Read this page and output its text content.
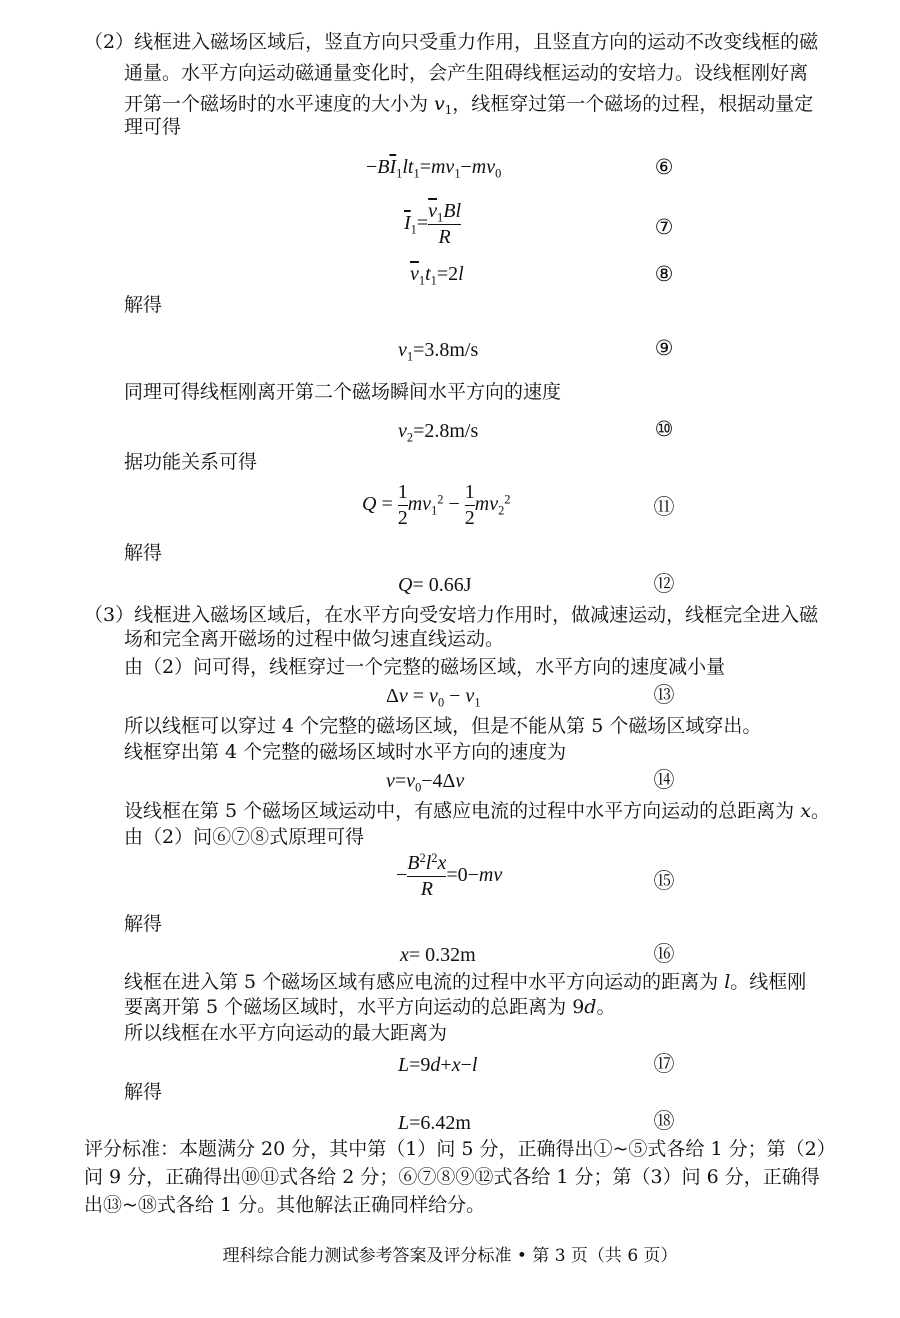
（2）线框进入磁场区域后，竖直方向只受重力作用，且竖直方向的运动不改变线框的磁
通量。水平方向运动磁通量变化时，会产生阻碍线框运动的安培力。设线框刚好离
开第一个磁场时的水平速度的大小为 $v_1$，线框穿过第一个磁场的过程，根据动量定
理可得
$-B\overline{I}_1lt_1=mv_1-mv_0$	⑥
$\overline{I}_1= \frac{\overline{v}_1Bl}{R}$	⑦
$\overline{v}_1t_1=2l$	⑧
解得
$v_1=3.8m/s$	⑨
同理可得线框刚离开第二个磁场瞬间水平方向的速度
$v_2=2.8m/s$	⑩
据功能关系可得
$Q = \frac{1}{2} mv_1^2 - \frac{1}{2} mv_2^2$	⑪
解得
Q= 0.66J	⑫
（3）线框进入磁场区域后，在水平方向受安培力作用时，做减速运动，线框完全进入磁
场和完全离开磁场的过程中做匀速直线运动。
由（2）问可得，线框穿过一个完整的磁场区域，水平方向的速度减小量
$\Delta v = v_0 - v_1$	⑬
所以线框可以穿过 4 个完整的磁场区域，但是不能从第 5 个磁场区域穿出。
线框穿出第 4 个完整的磁场区域时水平方向的速度为
$v=v_0-4\Delta v$	⑭
设线框在第 5 个磁场区域运动中，有感应电流的过程中水平方向运动的总距离为 x。
由（2）问⑥⑦⑧式原理可得
− $\frac{B^2l^2x}{R} =0-mv$	⑮
解得
x= 0.32m	⑯
线框在进入第 5 个磁场区域有感应电流的过程中水平方向运动的距离为 l。线框刚
要离开第 5 个磁场区域时，水平方向运动的总距离为 9d。
所以线框在水平方向运动的最大距离为
L=9d+x−l	⑰
解得
L=6.42m	⑱
评分标准：本题满分 20 分，其中第（1）问 5 分，正确得出①~⑤式各给 1 分；第（2）
问 9 分，正确得出⑩⑪式各给 2 分；⑥⑦⑧⑨⑫式各给 1 分；第（3）问 6 分，正确得
出⑬~⑱式各给 1 分。其他解法正确同样给分。
理科综合能力测试参考答案及评分标准 • 第 3 页（共 6 页）
